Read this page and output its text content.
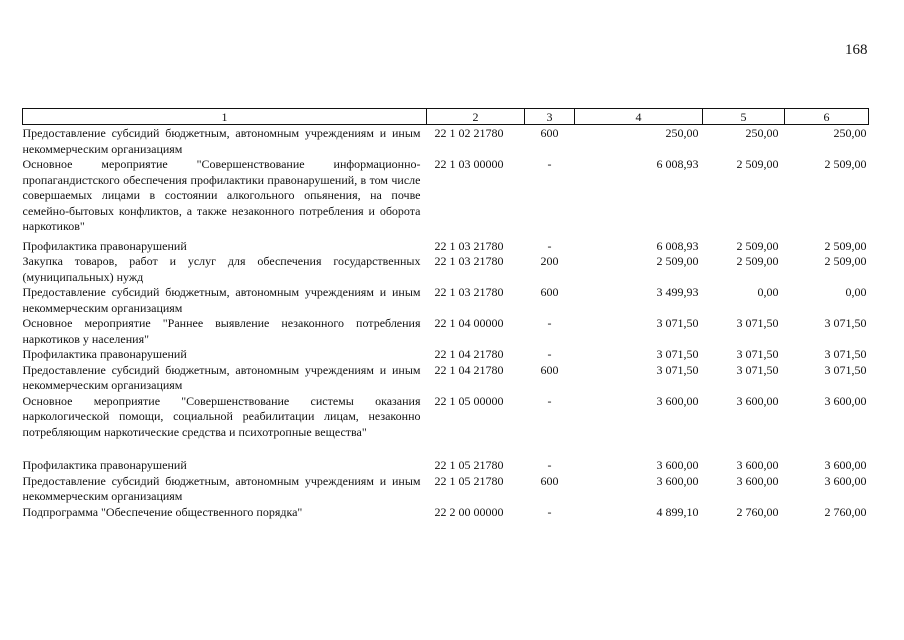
168
1	2	3	4	5	6
Предоставление субсидий бюджетным, автономным учреждениям и иным некоммерческим организациям	22 1 02 21780	600	250,00	250,00	250,00
Основное мероприятие "Совершенствование информационно-пропагандистского обеспечения профилактики правонарушений, в том числе совершаемых лицами в состоянии алкогольного опьянения, на почве семейно-бытовых конфликтов, а также незаконного потребления и оборота наркотиков"	22 1 03 00000	-	6 008,93	2 509,00	2 509,00
Профилактика правонарушений	22 1 03 21780	-	6 008,93	2 509,00	2 509,00
Закупка товаров, работ и услуг для обеспечения государственных (муниципальных) нужд	22 1 03 21780	200	2 509,00	2 509,00	2 509,00
Предоставление субсидий бюджетным, автономным учреждениям и иным некоммерческим организациям	22 1 03 21780	600	3 499,93	0,00	0,00
Основное мероприятие "Раннее выявление незаконного потребления наркотиков у населения"	22 1 04 00000	-	3 071,50	3 071,50	3 071,50
Профилактика правонарушений	22 1 04 21780	-	3 071,50	3 071,50	3 071,50
Предоставление субсидий бюджетным, автономным учреждениям и иным некоммерческим организациям	22 1 04 21780	600	3 071,50	3 071,50	3 071,50
Основное мероприятие "Совершенствование системы оказания наркологической помощи, социальной реабилитации лицам, незаконно потребляющим наркотические средства и психотропные вещества"	22 1 05 00000	-	3 600,00	3 600,00	3 600,00
Профилактика правонарушений	22 1 05 21780	-	3 600,00	3 600,00	3 600,00
Предоставление субсидий бюджетным, автономным учреждениям и иным некоммерческим организациям	22 1 05 21780	600	3 600,00	3 600,00	3 600,00
Подпрограмма "Обеспечение общественного порядка"	22 2 00 00000	-	4 899,10	2 760,00	2 760,00
